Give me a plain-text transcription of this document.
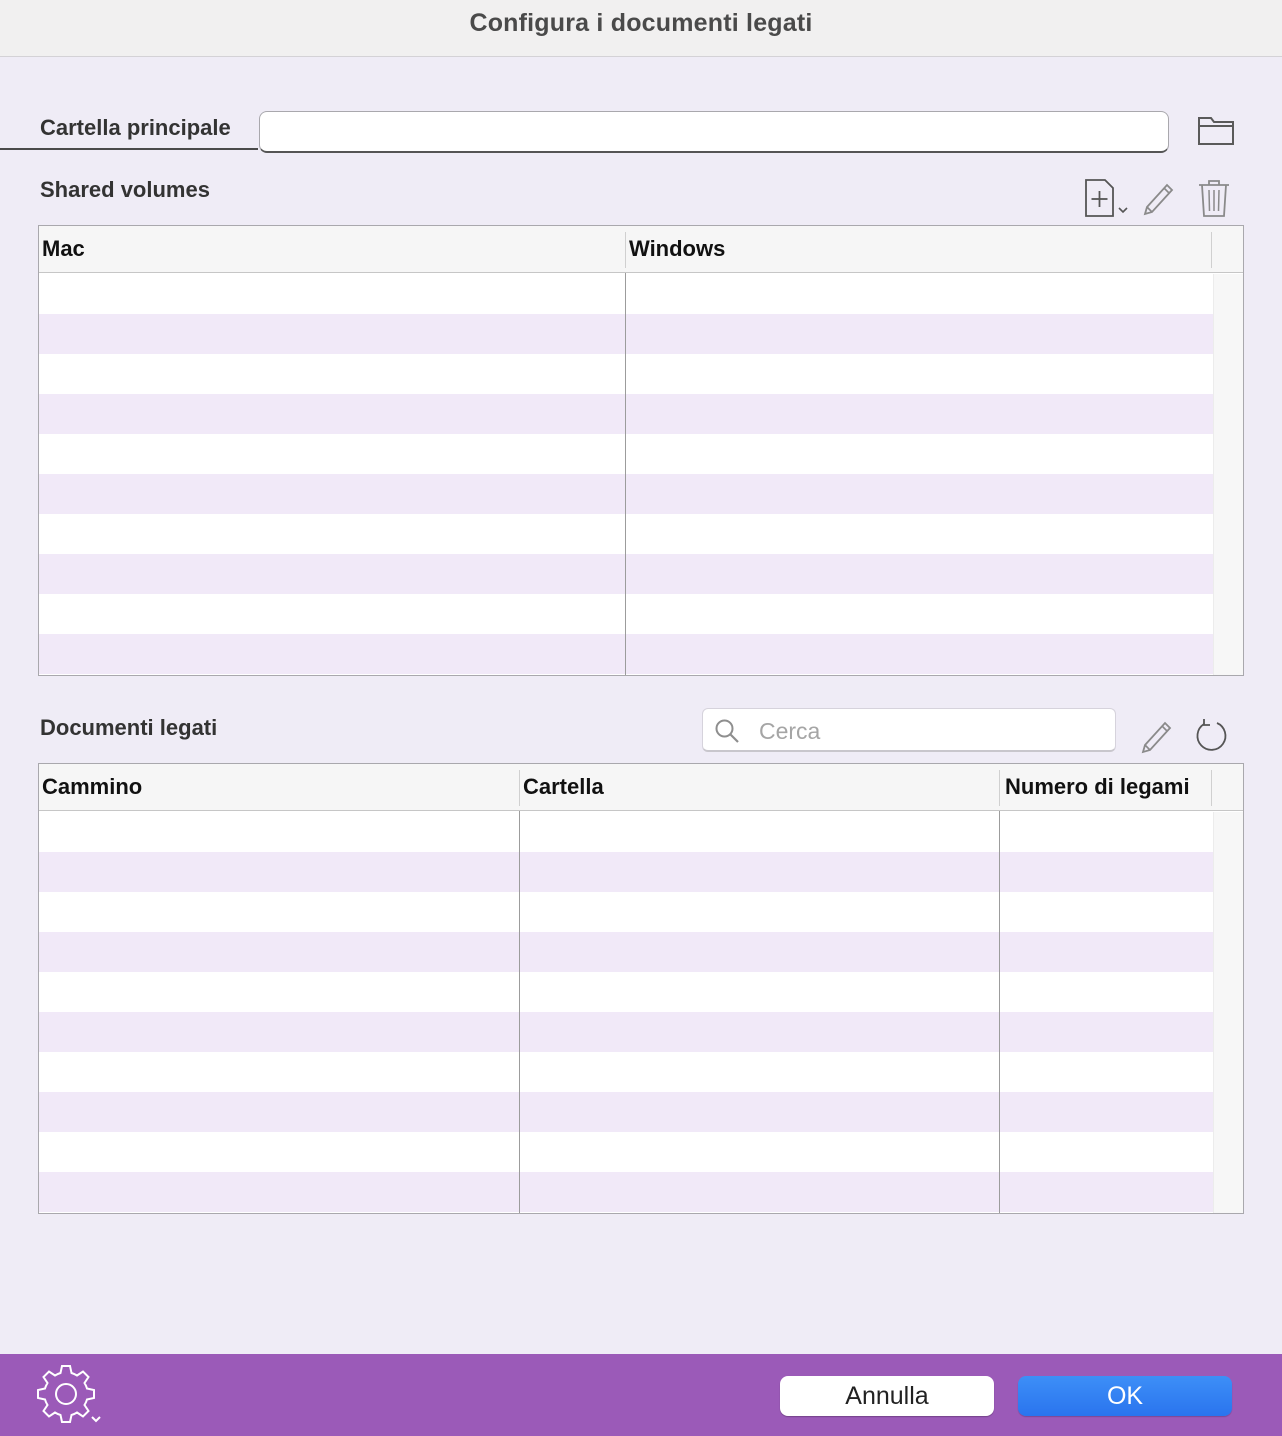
Configura i documenti legati
Cartella principale
Shared volumes
Mac	Windows
Documenti legati	Cerca
Cammino	Cartella	Numero di legami
Annulla	OK
